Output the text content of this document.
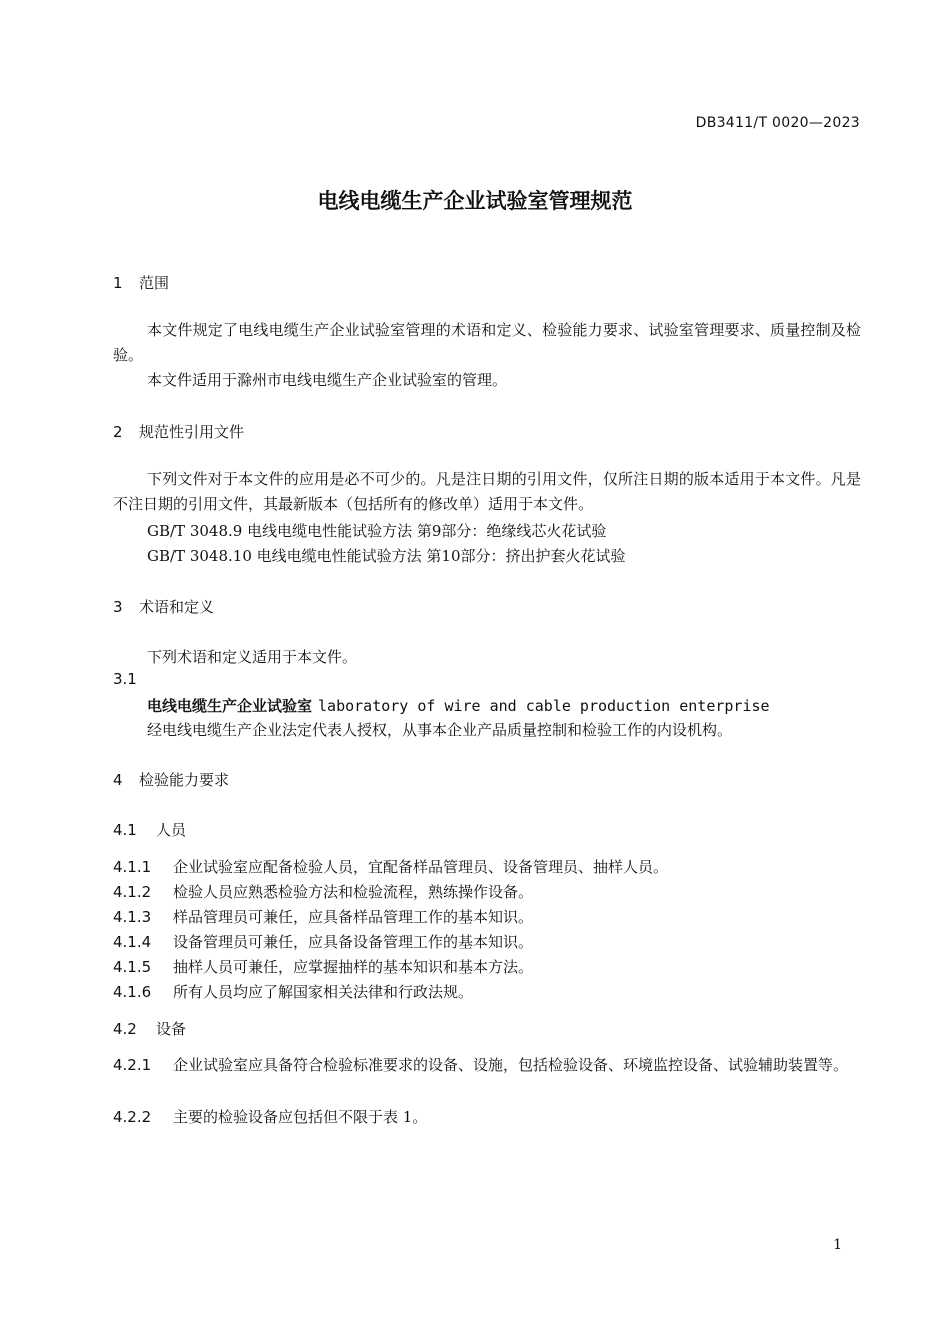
DB3411/T 0020—2023
电线电缆生产企业试验室管理规范
1 范围
本文件规定了电线电缆生产企业试验室管理的术语和定义、检验能力要求、试验室管理要求、质量控制及检验。
本文件适用于滁州市电线电缆生产企业试验室的管理。
2 规范性引用文件
下列文件对于本文件的应用是必不可少的。凡是注日期的引用文件，仅所注日期的版本适用于本文件。凡是不注日期的引用文件，其最新版本（包括所有的修改单）适用于本文件。
GB/T 3048.9 电线电缆电性能试验方法 第9部分：绝缘线芯火花试验
GB/T 3048.10 电线电缆电性能试验方法 第10部分：挤出护套火花试验
3 术语和定义
下列术语和定义适用于本文件。
3.1
电线电缆生产企业试验室 laboratory of wire and cable production enterprise
经电线电缆生产企业法定代表人授权，从事本企业产品质量控制和检验工作的内设机构。
4 检验能力要求
4.1 人员
4.1.1 企业试验室应配备检验人员，宜配备样品管理员、设备管理员、抽样人员。
4.1.2 检验人员应熟悉检验方法和检验流程，熟练操作设备。
4.1.3 样品管理员可兼任，应具备样品管理工作的基本知识。
4.1.4 设备管理员可兼任，应具备设备管理工作的基本知识。
4.1.5 抽样人员可兼任，应掌握抽样的基本知识和基本方法。
4.1.6 所有人员均应了解国家相关法律和行政法规。
4.2 设备
4.2.1 企业试验室应具备符合检验标准要求的设备、设施，包括检验设备、环境监控设备、试验辅助装置等。
4.2.2 主要的检验设备应包括但不限于表 1。
1
